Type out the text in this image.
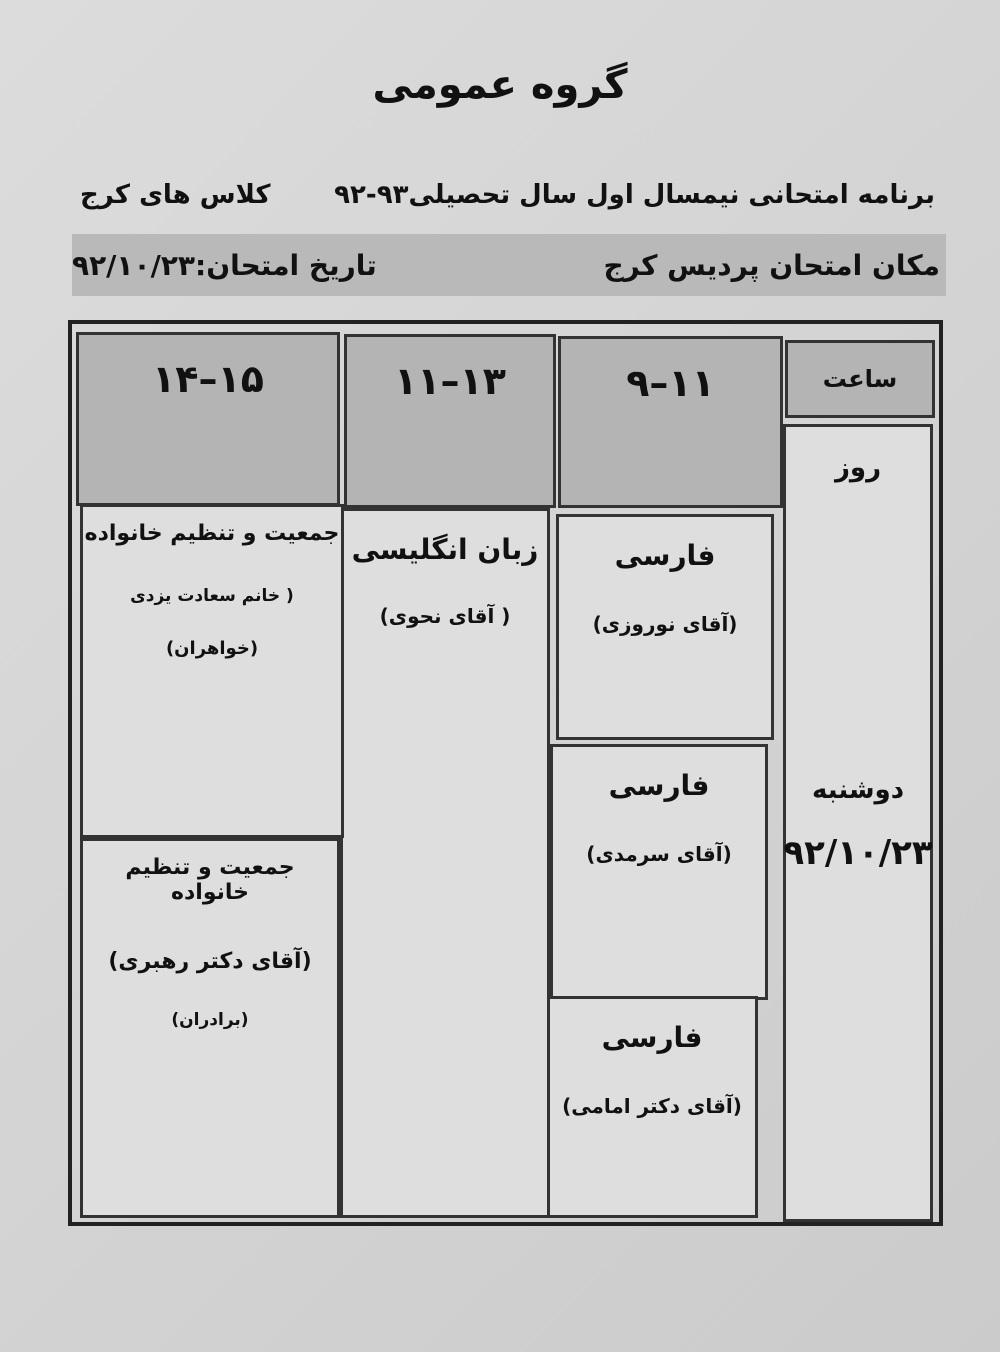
گروه عمومی
برنامه امتحانی نیمسال اول سال تحصیلی۹۳-۹۲
کلاس های کرج
مکان امتحان پردیس کرج
تاریخ امتحان:۹۲/۱۰/۲۳
ساعت
روز
دوشنبه
۹۲/۱۰/۲۳
۹–۱۱
۱۱–۱۳
۱۴–۱۵
فارسی
(آقای نوروزی)
فارسی
(آقای سرمدی)
فارسی
(آقای دکتر امامی)
زبان انگلیسی
( آقای نحوی)
جمعیت و تنظیم خانواده
( خانم سعادت یزدی
(خواهران)
جمعیت و تنظیم خانواده
(آقای دکتر رهبری)
(برادران)
